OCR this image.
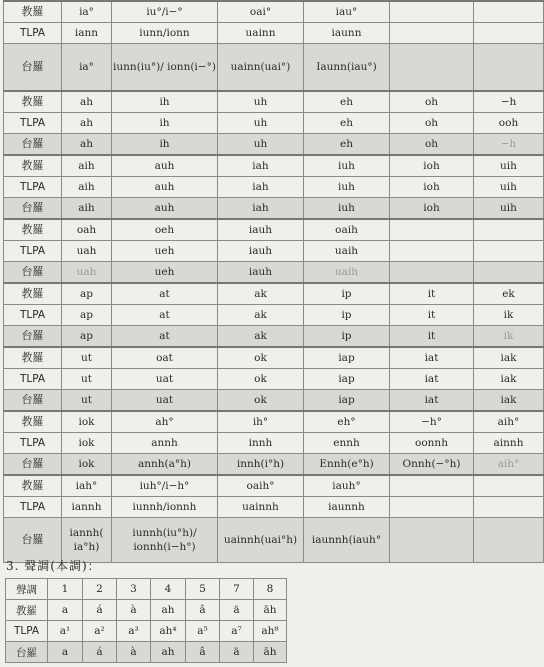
教羅	ia°	iu°/i−°	oai°	iau°		
TLPA	iann	iunn/ionn	uainn	iaunn		
台羅	ia°	iunn(iu°)/ ionn(i−°)	uainn(uai°)	Iaunn(iau°)		
教羅	ah	ih	uh	eh	oh	−h
TLPA	ah	ih	uh	eh	oh	ooh
台羅	ah	ih	uh	eh	oh	−h
教羅	aih	auh	iah	iuh	ioh	uih
TLPA	aih	auh	iah	iuh	ioh	uih
台羅	aih	auh	iah	iuh	ioh	uih
教羅	oah	oeh	iauh	oaih		
TLPA	uah	ueh	iauh	uaih		
台羅	uah	ueh	iauh	uaih		
教羅	ap	at	ak	ip	it	ek
TLPA	ap	at	ak	ip	it	ik
台羅	ap	at	ak	ip	it	ik
教羅	ut	oat	ok	iap	iat	iak
TLPA	ut	uat	ok	iap	iat	iak
台羅	ut	uat	ok	iap	iat	iak
教羅	iok	ah°	ih°	eh°	−h°	aih°
TLPA	iok	annh	innh	ennh	oonnh	ainnh
台羅	iok	annh(a°h)	innh(i°h)	Ennh(e°h)	Onnh(−°h)	aih°
教羅	iah°	iuh°/i−h°	oaih°	iauh°		
TLPA	iannh	iunnh/ionnh	uainnh	iaunnh		
台羅	iannh( ia°h)	iunnh(iu°h)/ ionnh(i−h°)	uainnh(uai°h)	iaunnh(iauh°		
3. 聲調(本調)：
聲調	1	2	3	4	5	7	8
教羅	a	á	à	ah	â	ä	āh
TLPA	a¹	a²	a³	ah⁴	a⁵	a⁷	ah⁸
台羅	a	á	à	ah	â	ä	āh
